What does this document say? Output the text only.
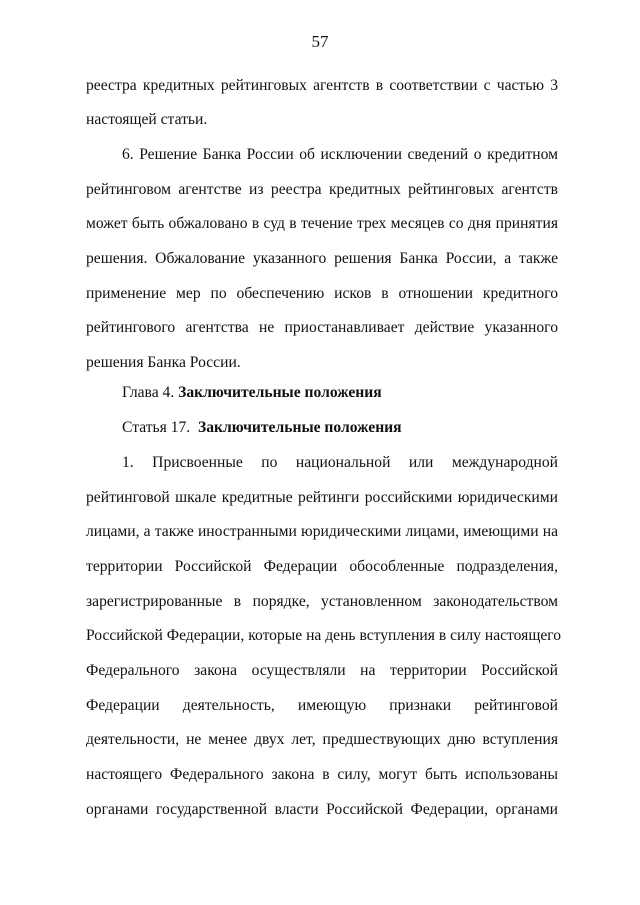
57
реестра кредитных рейтинговых агентств в соответствии с частью 3
настоящей статьи.
6. Решение Банка России об исключении сведений о кредитном
рейтинговом агентстве из реестра кредитных рейтинговых агентств
может быть обжаловано в суд в течение трех месяцев со дня принятия
решения. Обжалование указанного решения Банка России, а также
применение мер по обеспечению исков в отношении кредитного
рейтингового агентства не приостанавливает действие указанного
решения Банка России.
Глава 4. Заключительные положения
Статья 17. Заключительные положения
1. Присвоенные по национальной или международной
рейтинговой шкале кредитные рейтинги российскими юридическими
лицами, а также иностранными юридическими лицами, имеющими на
территории Российской Федерации обособленные подразделения,
зарегистрированные в порядке, установленном законодательством
Российской Федерации, которые на день вступления в силу настоящего
Федерального закона осуществляли на территории Российской
Федерации деятельность, имеющую признаки рейтинговой
деятельности, не менее двух лет, предшествующих дню вступления
настоящего Федерального закона в силу, могут быть использованы
органами государственной власти Российской Федерации, органами
